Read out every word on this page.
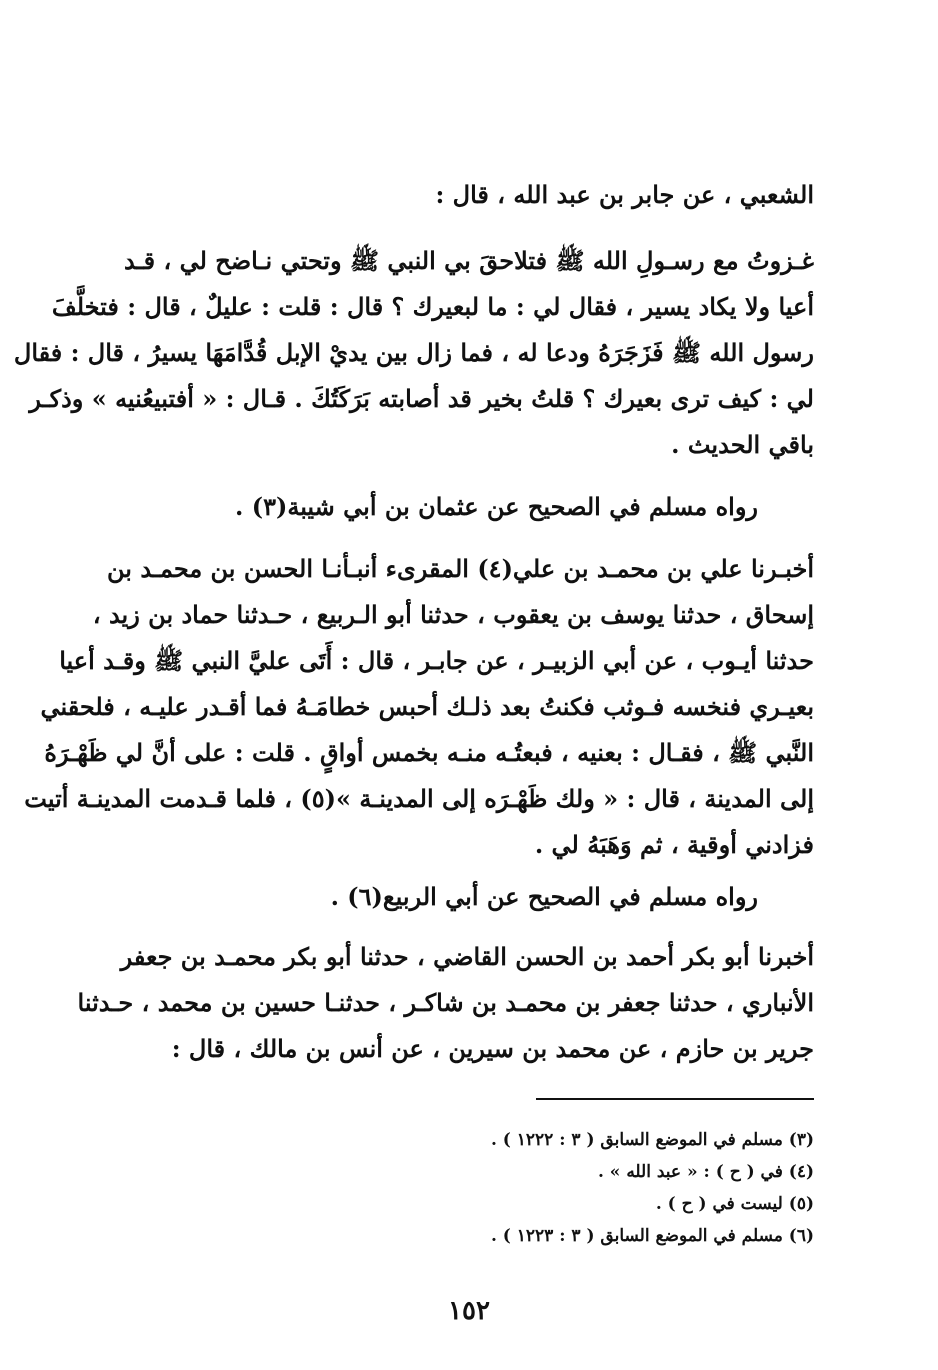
الشعبي ، عن جابر بن عبد الله ، قال :

غـزوتُ مع رسـولِ الله ﷺ فتلاحقَ بي النبي ﷺ وتحتي نـاضح لي ، قـد

أعيا ولا يكاد يسير ، فقال لي : ما لبعيرك ؟ قال : قلت : عليلٌ ، قال : فتخلَّفَ

رسول الله ﷺ فَزَجَرَهُ ودعا له ، فما زال بين يديْ الإبل قُدَّامَهَا يسيرُ ، قال : فقال

لي : كيف ترى بعيرك ؟ قلتُ بخير قد أصابته بَرَكَتُكَ . قـال : « أفتبيعُنيه » وذكـر

باقي الحديث .

رواه مسلم في الصحيح عن عثمان بن أبي شيبة(٣) .

أخبـرنا علي بن محمـد بن علي(٤) المقرىء أنبـأنـا الحسن بن محمـد بن

إسحاق ، حدثنا يوسف بن يعقوب ، حدثنا أبو الـربيع ، حـدثنا حماد بن زيد ،

حدثنا أيـوب ، عن أبي الزبيـر ، عن جابـر ، قال : أَتَى عليَّ النبي ﷺ وقـد أعيا

بعيـري فنخسه فـوثب فكنتُ بعد ذلـك أحبس خطامَـهُ فما أقـدر عليـه ، فلحقني

النَّبي ﷺ ، فقـال : بعنيه ، فبعتُـه منـه بخمس أواقٍ . قلت : على أنَّ لي ظَهْـرَهُ

إلى المدينة ، قال : « ولك ظَهْـرَه إلى المدينـة »(٥) ، فلما قـدمت المدينـة أتيت

فزادني أوقية ، ثم وَهَبَهُ لي .

رواه مسلم في الصحيح عن أبي الربيع(٦) .

أخبرنا أبو بكر أحمد بن الحسن القاضي ، حدثنا أبو بكر محمـد بن جعفر

الأنباري ، حدثنا جعفر بن محمـد بن شاكـر ، حدثنـا حسين بن محمد ، حـدثنا

جرير بن حازم ، عن محمد بن سيرين ، عن أنس بن مالك ، قال :

(٣) مسلم في الموضع السابق ( ٣ : ١٢٢٢ ) .

(٤) في ( ح ) : « عبد الله » .

(٥) ليست في ( ح ) .

(٦) مسلم في الموضع السابق ( ٣ : ١٢٢٣ ) .

١٥٢
